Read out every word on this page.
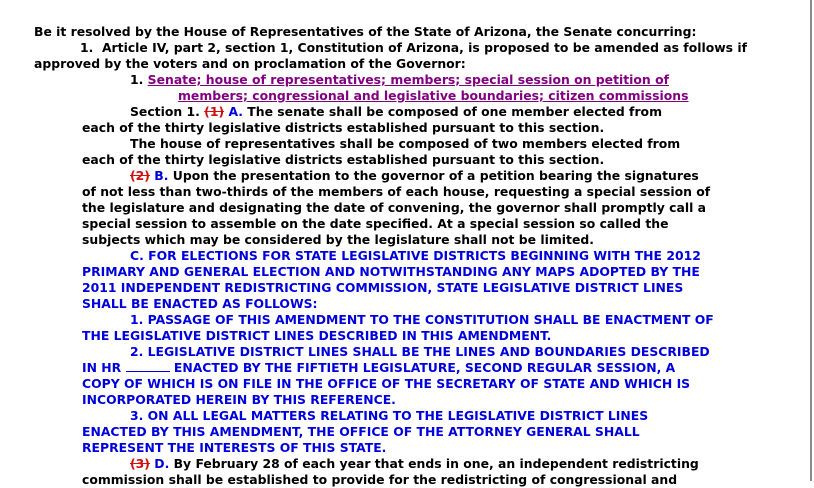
Be it resolved by the House of Representatives of the State of Arizona, the Senate concurring:
1.  Article IV, part 2, section 1, Constitution of Arizona, is proposed to be amended as follows if
approved by the voters and on proclamation of the Governor:
1. Senate; house of representatives; members; special session on petition of
members; congressional and legislative boundaries; citizen commissions
Section 1. (1) A. The senate shall be composed of one member elected from
each of the thirty legislative districts established pursuant to this section.
The house of representatives shall be composed of two members elected from
each of the thirty legislative districts established pursuant to this section.
(2) B. Upon the presentation to the governor of a petition bearing the signatures
of not less than two-thirds of the members of each house, requesting a special session of
the legislature and designating the date of convening, the governor shall promptly call a
special session to assemble on the date specified. At a special session so called the
subjects which may be considered by the legislature shall not be limited.
C. FOR ELECTIONS FOR STATE LEGISLATIVE DISTRICTS BEGINNING WITH THE 2012
PRIMARY AND GENERAL ELECTION AND NOTWITHSTANDING ANY MAPS ADOPTED BY THE
2011 INDEPENDENT REDISTRICTING COMMISSION, STATE LEGISLATIVE DISTRICT LINES
SHALL BE ENACTED AS FOLLOWS:
1. PASSAGE OF THIS AMENDMENT TO THE CONSTITUTION SHALL BE ENACTMENT OF
THE LEGISLATIVE DISTRICT LINES DESCRIBED IN THIS AMENDMENT.
2. LEGISLATIVE DISTRICT LINES SHALL BE THE LINES AND BOUNDARIES DESCRIBED
IN HR	ENACTED BY THE FIFTIETH LEGISLATURE, SECOND REGULAR SESSION, A
COPY OF WHICH IS ON FILE IN THE OFFICE OF THE SECRETARY OF STATE AND WHICH IS
INCORPORATED HEREIN BY THIS REFERENCE.
3. ON ALL LEGAL MATTERS RELATING TO THE LEGISLATIVE DISTRICT LINES
ENACTED BY THIS AMENDMENT, THE OFFICE OF THE ATTORNEY GENERAL SHALL
REPRESENT THE INTERESTS OF THIS STATE.
(3) D. By February 28 of each year that ends in one, an independent redistricting
commission shall be established to provide for the redistricting of congressional and
